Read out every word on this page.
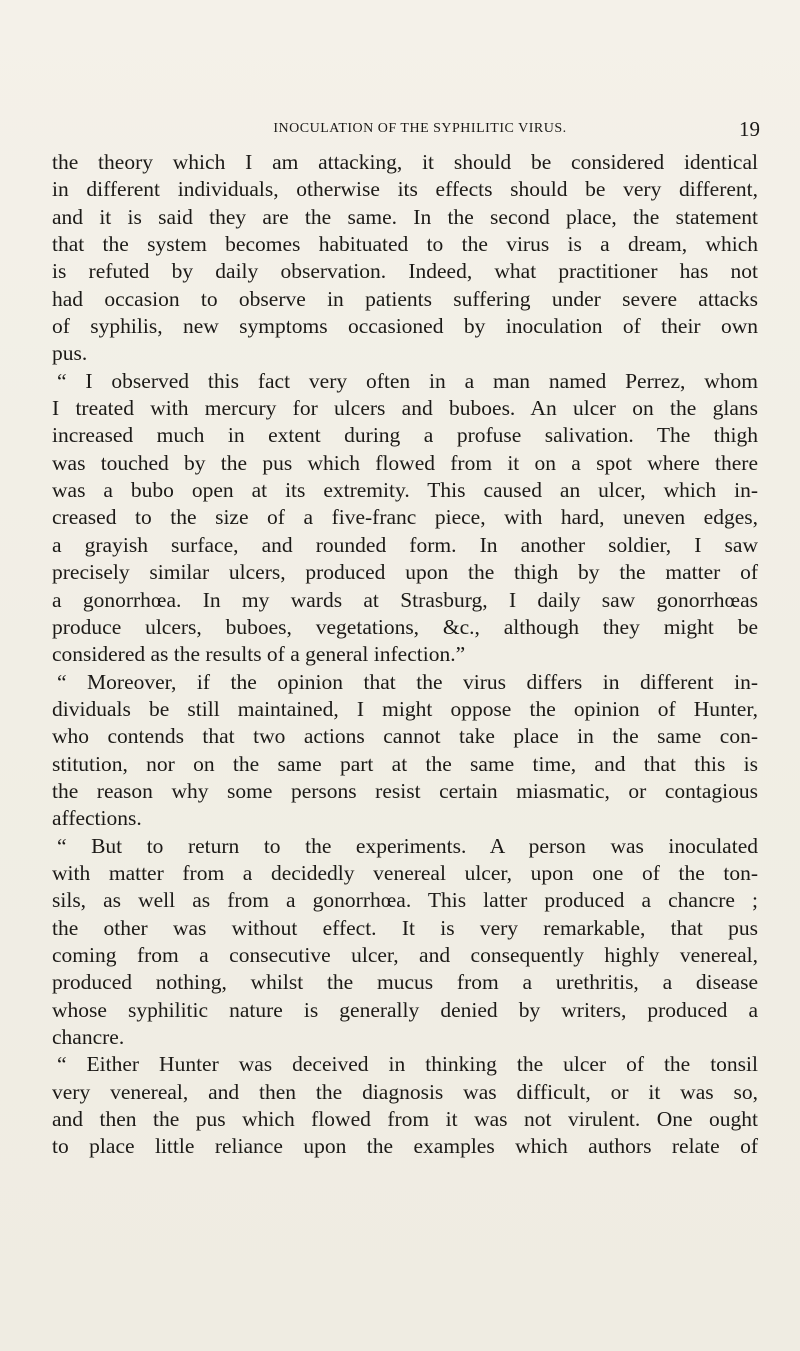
INOCULATION OF THE SYPHILITIC VIRUS.	19
the theory which I am attacking, it should be considered identical
in different individuals, otherwise its effects should be very different,
and it is said they are the same. In the second place, the statement
that the system becomes habituated to the virus is a dream, which
is refuted by daily observation. Indeed, what practitioner has not
had occasion to observe in patients suffering under severe attacks
of syphilis, new symptoms occasioned by inoculation of their own
pus.
“ I observed this fact very often in a man named Perrez, whom
I treated with mercury for ulcers and buboes. An ulcer on the glans
increased much in extent during a profuse salivation. The thigh
was touched by the pus which flowed from it on a spot where there
was a bubo open at its extremity. This caused an ulcer, which in-
creased to the size of a five-franc piece, with hard, uneven edges,
a grayish surface, and rounded form. In another soldier, I saw
precisely similar ulcers, produced upon the thigh by the matter of
a gonorrhœa. In my wards at Strasburg, I daily saw gonorrhœas
produce ulcers, buboes, vegetations, &c., although they might be
considered as the results of a general infection.”
“ Moreover, if the opinion that the virus differs in different in-
dividuals be still maintained, I might oppose the opinion of Hunter,
who contends that two actions cannot take place in the same con-
stitution, nor on the same part at the same time, and that this is
the reason why some persons resist certain miasmatic, or contagious
affections.
“ But to return to the experiments. A person was inoculated
with matter from a decidedly venereal ulcer, upon one of the ton-
sils, as well as from a gonorrhœa. This latter produced a chancre ;
the other was without effect. It is very remarkable, that pus
coming from a consecutive ulcer, and consequently highly venereal,
produced nothing, whilst the mucus from a urethritis, a disease
whose syphilitic nature is generally denied by writers, produced a
chancre.
“ Either Hunter was deceived in thinking the ulcer of the tonsil
very venereal, and then the diagnosis was difficult, or it was so,
and then the pus which flowed from it was not virulent. One ought
to place little reliance upon the examples which authors relate of
